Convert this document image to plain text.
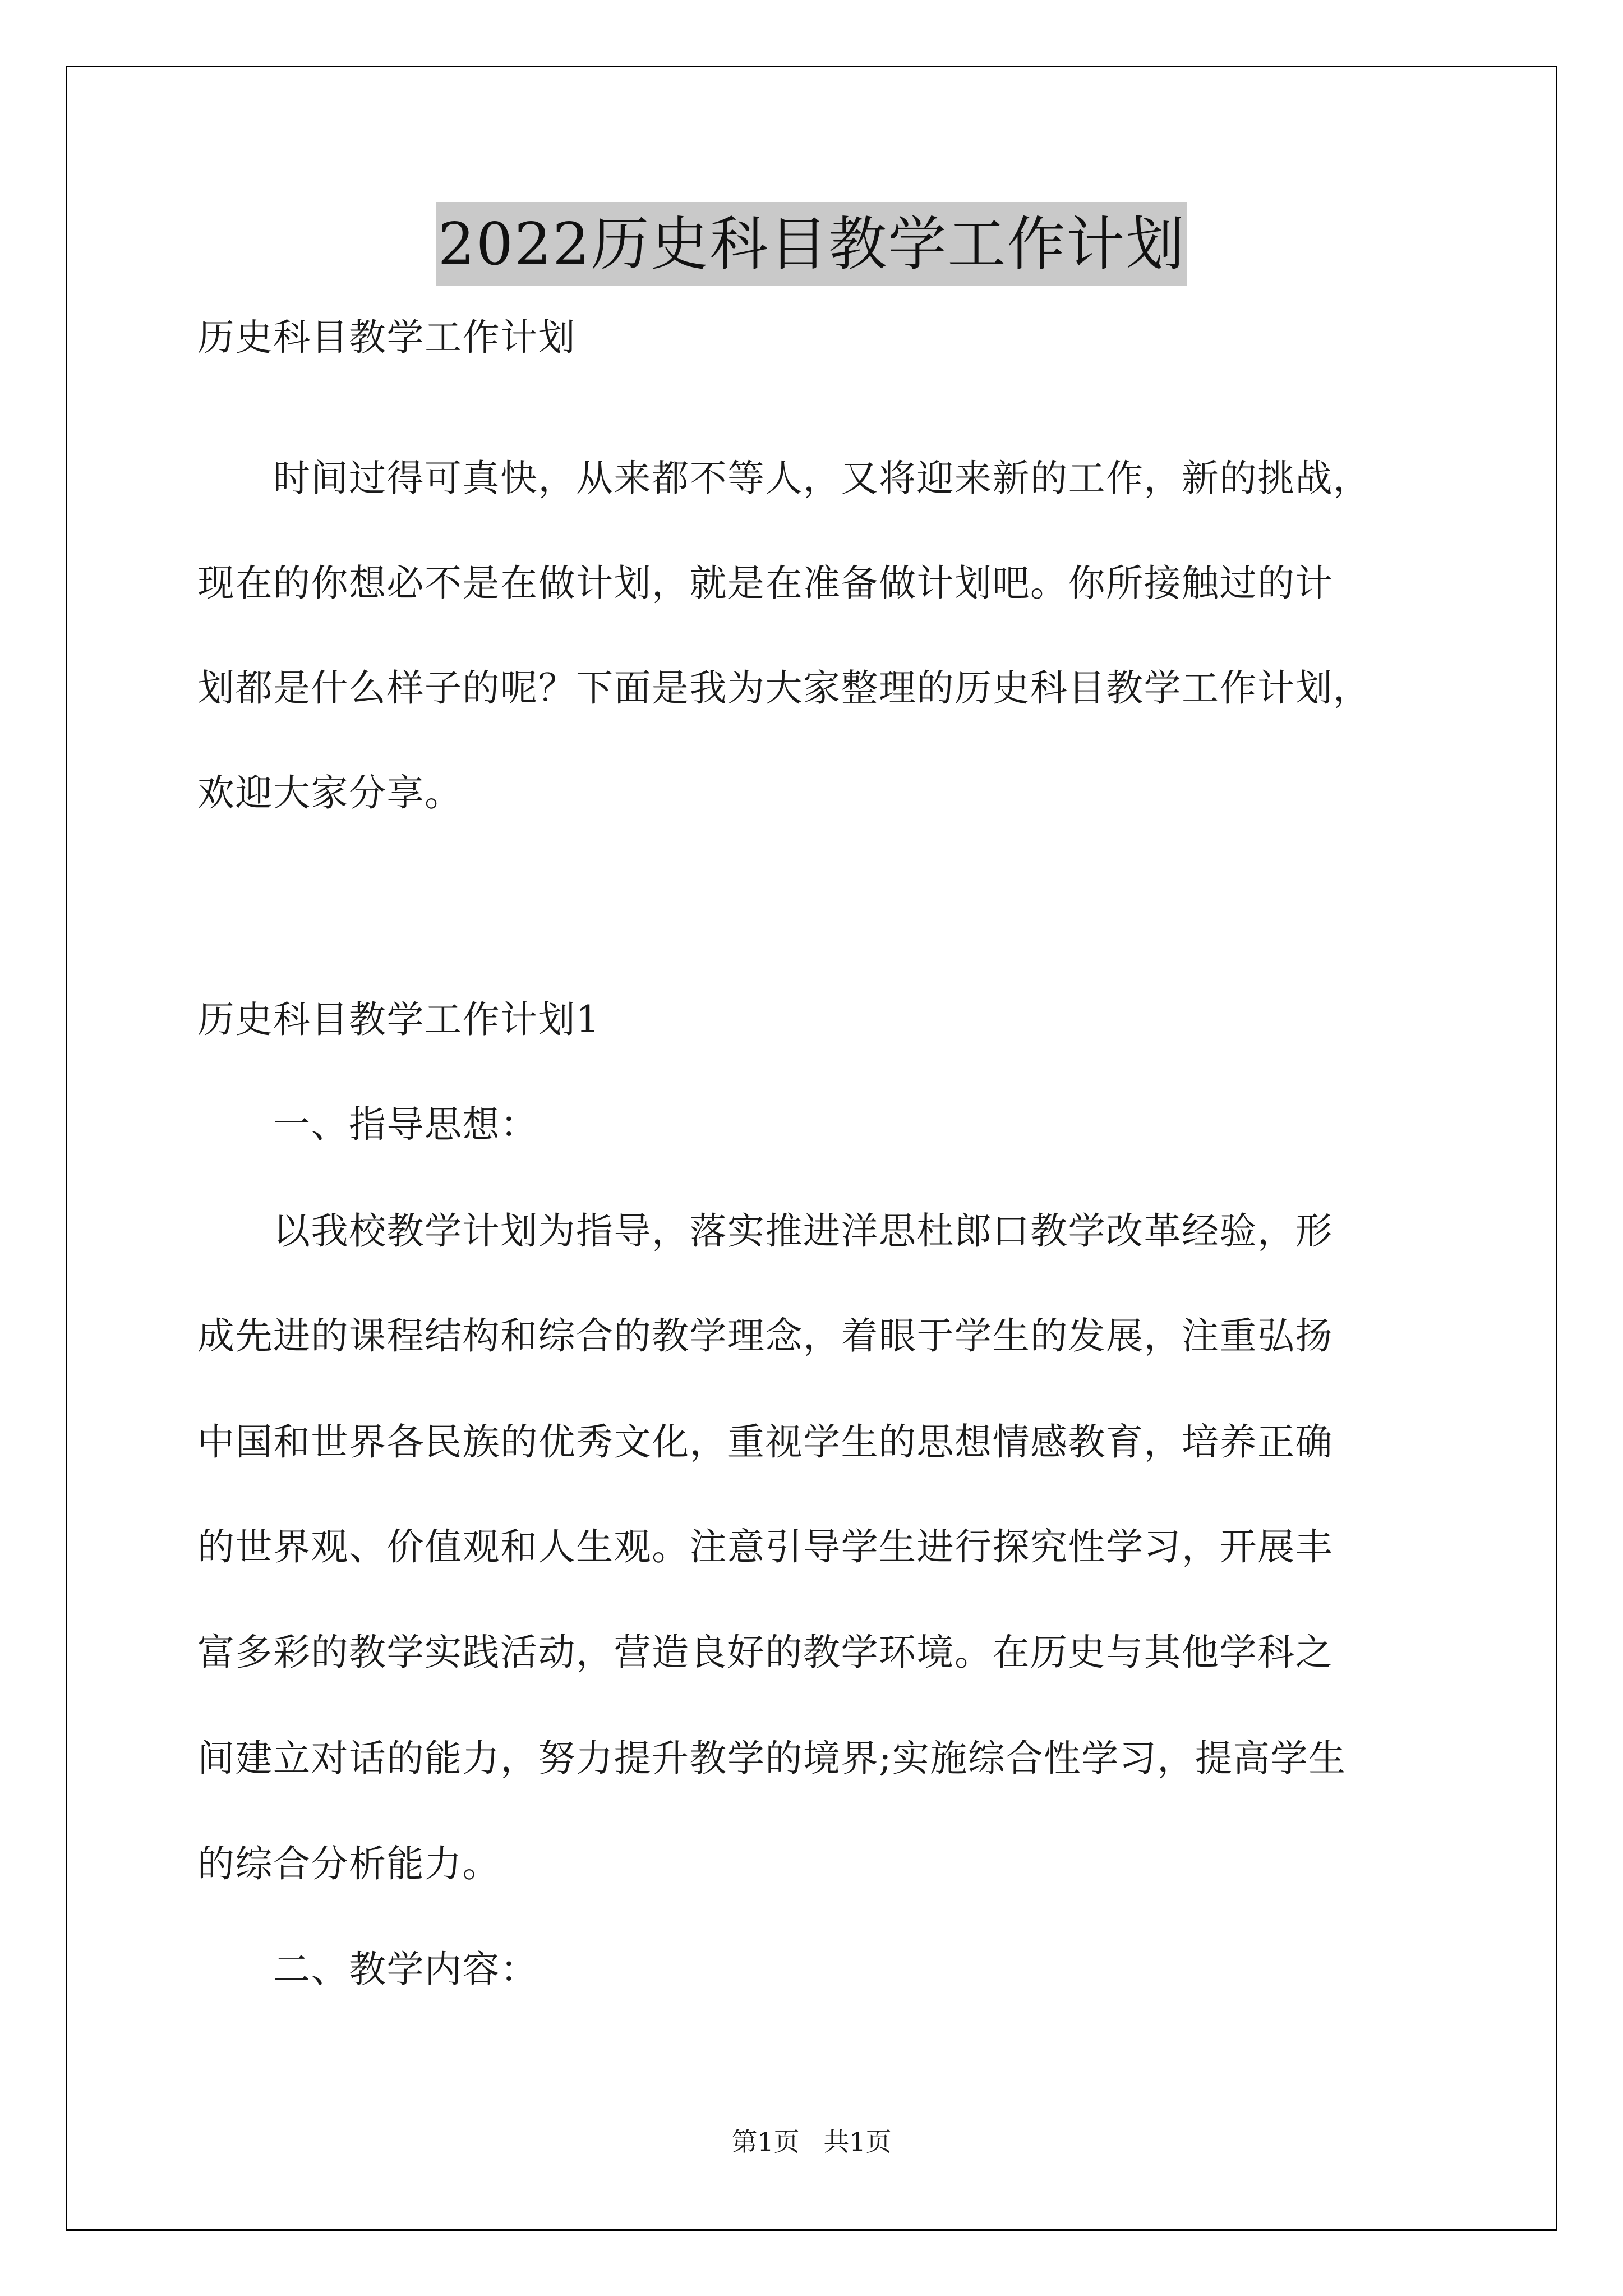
2022历史科目教学工作计划
历史科目教学工作计划
　　时间过得可真快，从来都不等人，又将迎来新的工作，新的挑战，
现在的你想必不是在做计划，就是在准备做计划吧。你所接触过的计
划都是什么样子的呢？下面是我为大家整理的历史科目教学工作计划，
欢迎大家分享。
历史科目教学工作计划1
　　一、指导思想：
　　以我校教学计划为指导，落实推进洋思杜郎口教学改革经验，形
成先进的课程结构和综合的教学理念，着眼于学生的发展，注重弘扬
中国和世界各民族的优秀文化，重视学生的思想情感教育，培养正确
的世界观、价值观和人生观。注意引导学生进行探究性学习，开展丰
富多彩的教学实践活动，营造良好的教学环境。在历史与其他学科之
间建立对话的能力，努力提升教学的境界;实施综合性学习，提高学生
的综合分析能力。
　　二、教学内容：
第1页 共1页
